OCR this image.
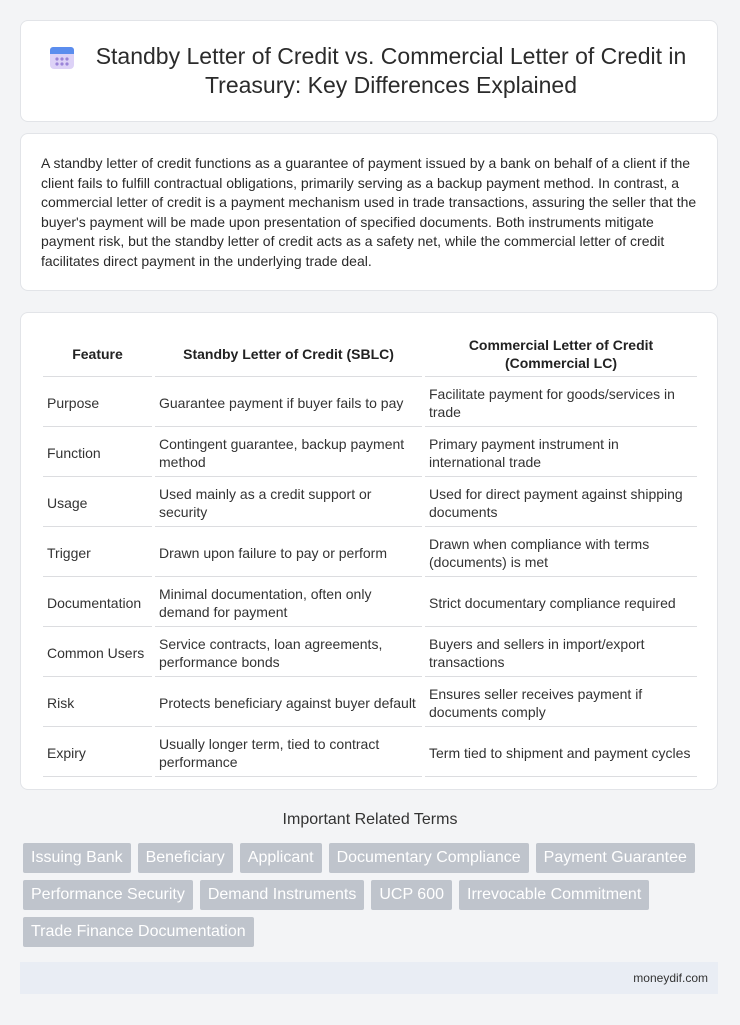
Standby Letter of Credit vs. Commercial Letter of Credit in Treasury: Key Differences Explained

A standby letter of credit functions as a guarantee of payment issued by a bank on behalf of a client if the client fails to fulfill contractual obligations, primarily serving as a backup payment method. In contrast, a commercial letter of credit is a payment mechanism used in trade transactions, assuring the seller that the buyer's payment will be made upon presentation of specified documents. Both instruments mitigate payment risk, but the standby letter of credit acts as a safety net, while the commercial letter of credit facilitates direct payment in the underlying trade deal.

Feature	Standby Letter of Credit (SBLC)	Commercial Letter of Credit (Commercial LC)
Purpose	Guarantee payment if buyer fails to pay	Facilitate payment for goods/services in trade
Function	Contingent guarantee, backup payment method	Primary payment instrument in international trade
Usage	Used mainly as a credit support or security	Used for direct payment against shipping documents
Trigger	Drawn upon failure to pay or perform	Drawn when compliance with terms (documents) is met
Documentation	Minimal documentation, often only demand for payment	Strict documentary compliance required
Common Users	Service contracts, loan agreements, performance bonds	Buyers and sellers in import/export transactions
Risk	Protects beneficiary against buyer default	Ensures seller receives payment if documents comply
Expiry	Usually longer term, tied to contract performance	Term tied to shipment and payment cycles
Important Related Terms
Issuing Bank	Beneficiary	Applicant	Documentary Compliance	Payment Guarantee
Performance Security	Demand Instruments	UCP 600	Irrevocable Commitment
Trade Finance Documentation
moneydif.com
